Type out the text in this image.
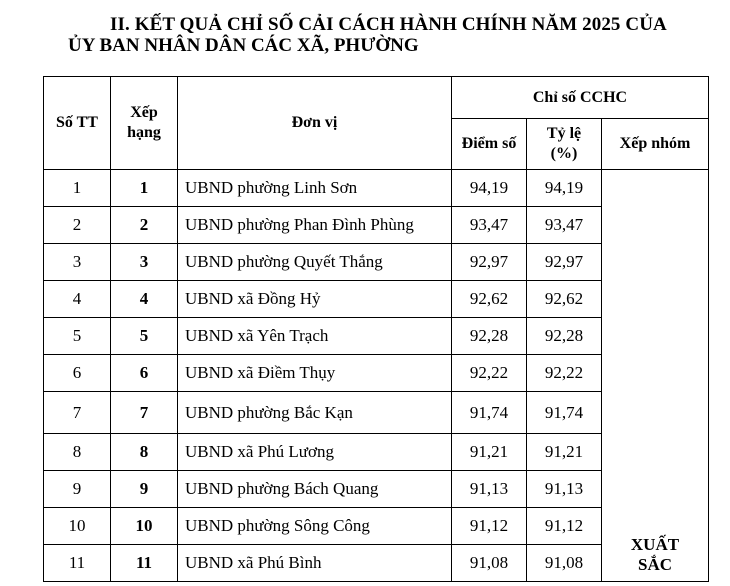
II. KẾT QUẢ CHỈ SỐ CẢI CÁCH HÀNH CHÍNH NĂM 2025 CỦA
ỦY BAN NHÂN DÂN CÁC XÃ, PHƯỜNG
Số TT	Xếp hạng	Đơn vị	Chỉ số CCHC		
			Điểm số	Tỷ lệ (%)	Xếp nhóm
1	1	UBND phường Linh Sơn	94,19	94,19	XUẤT SẮC
2	2	UBND phường Phan Đình Phùng	93,47	93,47	
3	3	UBND phường Quyết Thắng	92,97	92,97	
4	4	UBND xã Đồng Hỷ	92,62	92,62	
5	5	UBND xã Yên Trạch	92,28	92,28	
6	6	UBND xã Điềm Thụy	92,22	92,22	
7	7	UBND phường Bắc Kạn	91,74	91,74	
8	8	UBND xã Phú Lương	91,21	91,21	
9	9	UBND phường Bách Quang	91,13	91,13	
10	10	UBND phường Sông Công	91,12	91,12	
11	11	UBND xã Phú Bình	91,08	91,08	
